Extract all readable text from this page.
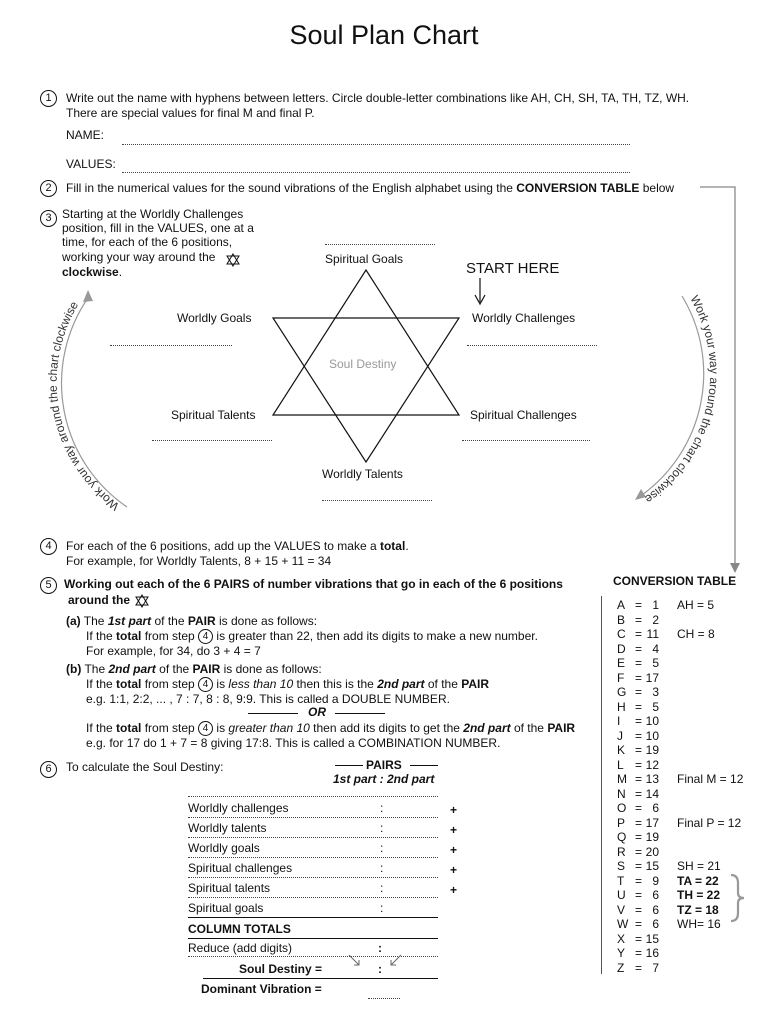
Soul Plan Chart
1	Write out the name with hyphens between letters. Circle double-letter combinations like AH, CH, SH, TA, TH, TZ, WH.
There are special values for final M and final P.
NAME:
VALUES:
2	Fill in the numerical values for the sound vibrations of the English alphabet using the CONVERSION TABLE below
3 Starting at the Worldly Challenges
position, fill in the VALUES, one at a
time, for each of the 6 positions,
working your way around the
clockwise.
Work your way around the chart clockwise	Work your way around the chart clockwise
Spiritual Goals
START HERE
Worldly Goals	Worldly Challenges
Soul Destiny
Spiritual Talents	Spiritual Challenges
Worldly Talents
4	For each of the 6 positions, add up the VALUES to make a total.
For example, for Worldly Talents, 8 + 15 + 11 = 34
5	Working out each of the 6 PAIRS of number vibrations that go in each of the 6 positions
around the
(a) The 1st part of the PAIR is done as follows:
If the total from step 4 is greater than 22, then add its digits to make a new number.
For example, for 34, do 3 + 4 = 7
(b) The 2nd part of the PAIR is done as follows:
If the total from step 4 is less than 10 then this is the 2nd part of the PAIR
e.g. 1:1, 2:2, ... , 7 : 7, 8 : 8, 9:9. This is called a DOUBLE NUMBER.
OR
If the total from step 4 is greater than 10 then add its digits to get the 2nd part of the PAIR
e.g. for 17 do 1 + 7 = 8 giving 17:8. This is called a COMBINATION NUMBER.
6	To calculate the Soul Destiny:	PAIRS
1st part : 2nd part
Worldly challenges	:	+
Worldly talents	:	+
Worldly goals	:	+
Spiritual challenges	:	+
Spiritual talents	:	+
Spiritual goals	:
COLUMN TOTALS
Reduce (add digits)	:
Soul Destiny =	:
Dominant Vibration =
CONVERSION TABLE
A = 1 AH = 5
B = 2
C = 11 CH = 8
D = 4
E = 5
F = 17
G = 3
H = 5
I	= 10
J	= 10
K = 19
L = 12
M = 13 Final M = 12
N = 14
O = 6
P = 17 Final P = 12
Q = 19
R = 20
S = 15 SH = 21
T = 9 TA = 22
U = 6 TH = 22
V = 6 TZ = 18
W = 6 WH= 16
X = 15
Y = 16
Z = 7
